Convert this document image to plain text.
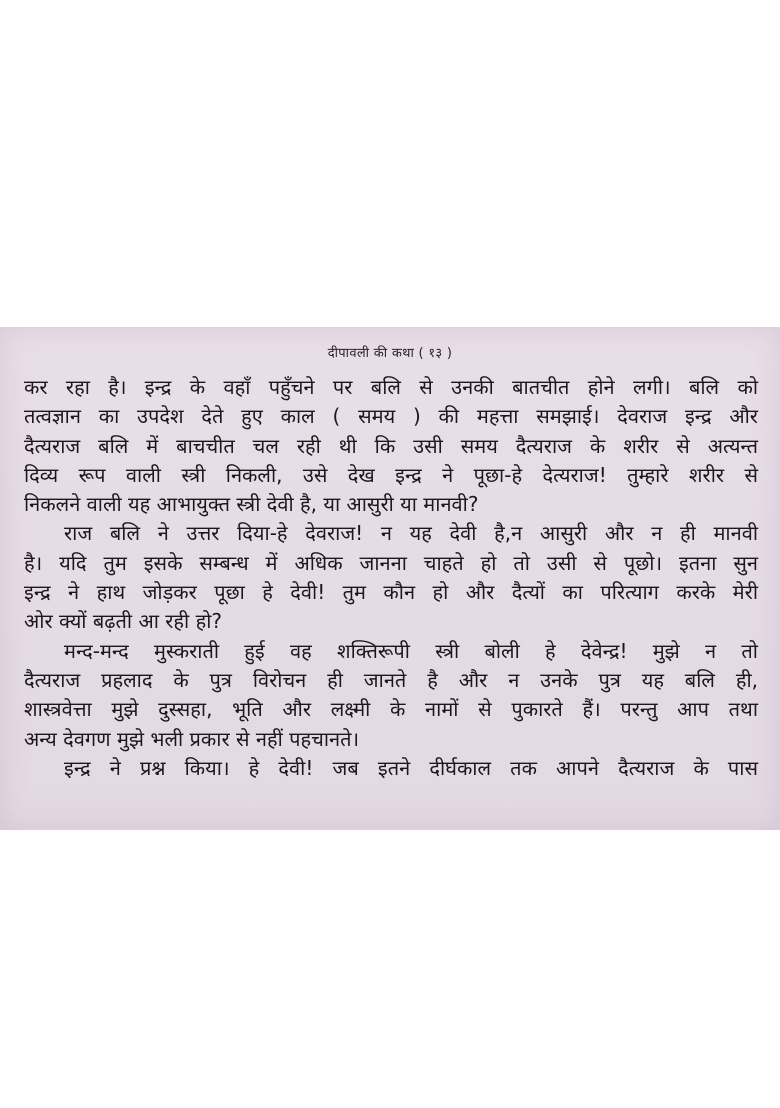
दीपावली की कथा ( १३ )
कर रहा है। इन्द्र के वहाँ पहुँचने पर बलि से उनकी बातचीत होने लगी। बलि को
तत्वज्ञान का उपदेश देते हुए काल ( समय ) की महत्ता समझाई। देवराज इन्द्र और
दैत्यराज बलि में बाचचीत चल रही थी कि उसी समय दैत्यराज के शरीर से अत्यन्त
दिव्य रूप वाली स्त्री निकली, उसे देख इन्द्र ने पूछा-हे देत्यराज! तुम्हारे शरीर से
निकलने वाली यह आभायुक्त स्त्री देवी है, या आसुरी या मानवी?
राज बलि ने उत्तर दिया-हे देवराज! न यह देवी है,न आसुरी और न ही मानवी
है। यदि तुम इसके सम्बन्ध में अधिक जानना चाहते हो तो उसी से पूछो। इतना सुन
इन्द्र ने हाथ जोड़कर पूछा हे देवी! तुम कौन हो और दैत्यों का परित्याग करके मेरी
ओर क्यों बढ़ती आ रही हो?
मन्द-मन्द मुस्कराती हुई वह शक्तिरूपी स्त्री बोली हे देवेन्द्र! मुझे न तो
दैत्यराज प्रहलाद के पुत्र विरोचन ही जानते है और न उनके पुत्र यह बलि ही,
शास्त्रवेत्ता मुझे दुस्सहा, भूति और लक्ष्मी के नामों से पुकारते हैं। परन्तु आप तथा
अन्य देवगण मुझे भली प्रकार से नहीं पहचानते।
इन्द्र ने प्रश्न किया। हे देवी! जब इतने दीर्घकाल तक आपने दैत्यराज के पास
